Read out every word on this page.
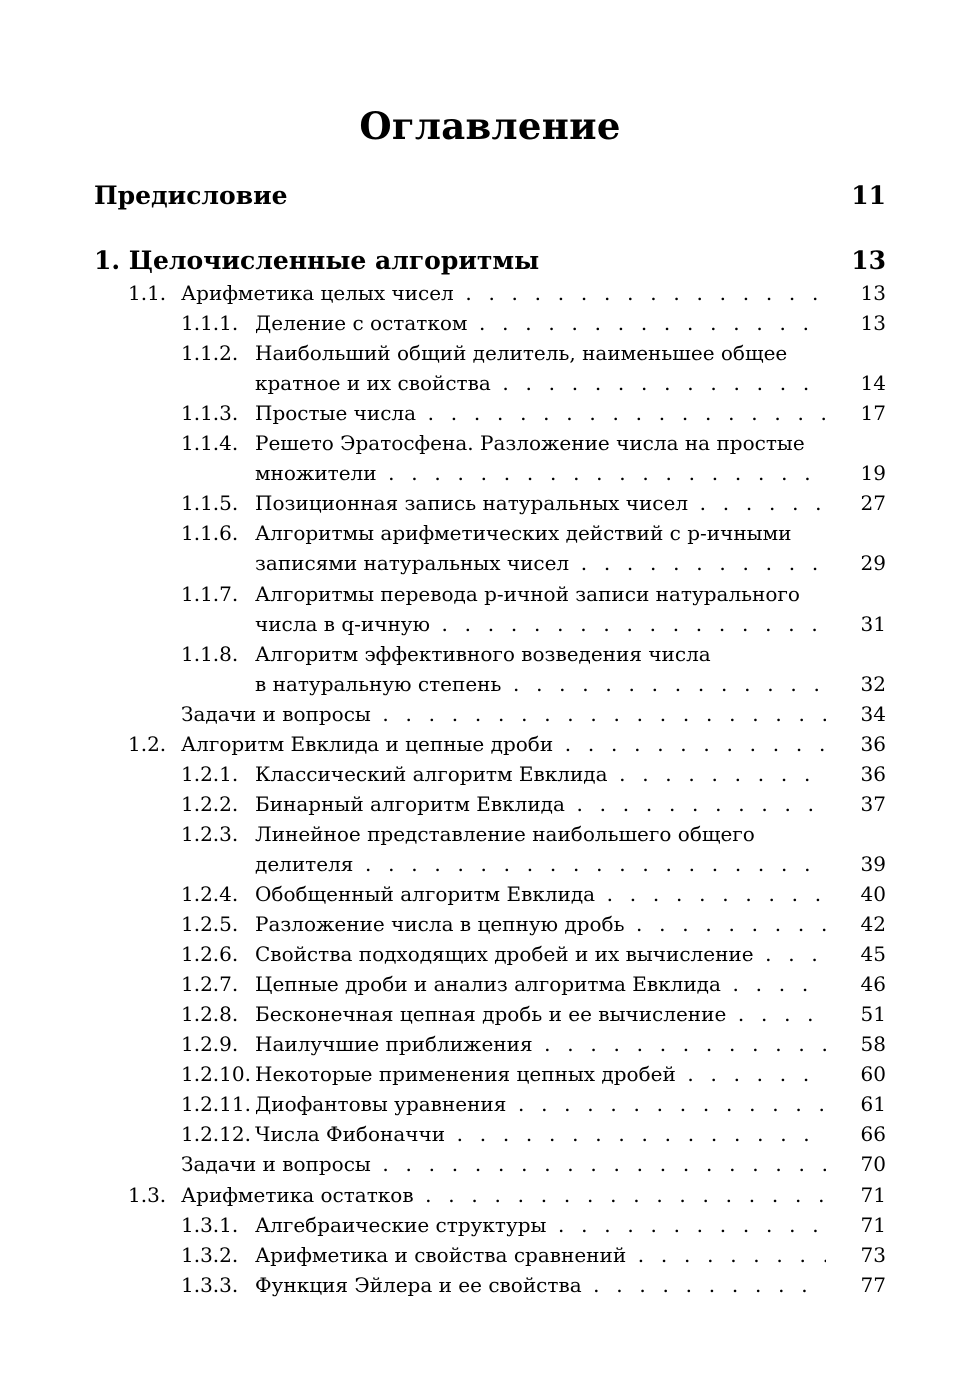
Оглавление
Предисловие	11
1. Целочисленные алгоритмы	13
1.1. Арифметика целых чисел . . .	13
1.1.1. Деление с остатком . . .	13
1.1.2. Наибольший общий делитель, наименьшее общее
кратное и их свойства . . .	14
1.1.3. Простые числа . . .	17
1.1.4. Решето Эратосфена. Разложение числа на простые
множители . . .	19
1.1.5. Позиционная запись натуральных чисел . . .	27
1.1.6. Алгоритмы арифметических действий с p-ичными
записями натуральных чисел . . .	29
1.1.7. Алгоритмы перевода p-ичной записи натурального
числа в q-ичную . . .	31
1.1.8. Алгоритм эффективного возведения числа
в натуральную степень . . .	32
Задачи и вопросы . . .	34
1.2. Алгоритм Евклида и цепные дроби . . .	36
1.2.1. Классический алгоритм Евклида . . .	36
1.2.2. Бинарный алгоритм Евклида . . .	37
1.2.3. Линейное представление наибольшего общего
делителя . . .	39
1.2.4. Обобщенный алгоритм Евклида . . .	40
1.2.5. Разложение числа в цепную дробь . . .	42
1.2.6. Свойства подходящих дробей и их вычисление . . .	45
1.2.7. Цепные дроби и анализ алгоритма Евклида . . .	46
1.2.8. Бесконечная цепная дробь и ее вычисление . . .	51
1.2.9. Наилучшие приближения . . .	58
1.2.10. Некоторые применения цепных дробей . . .	60
1.2.11. Диофантовы уравнения . . .	61
1.2.12. Числа Фибоначчи . . .	66
Задачи и вопросы . . .	70
1.3. Арифметика остатков . . .	71
1.3.1. Алгебраические структуры . . .	71
1.3.2. Арифметика и свойства сравнений . . .	73
1.3.3. Функция Эйлера и ее свойства . . .	77
